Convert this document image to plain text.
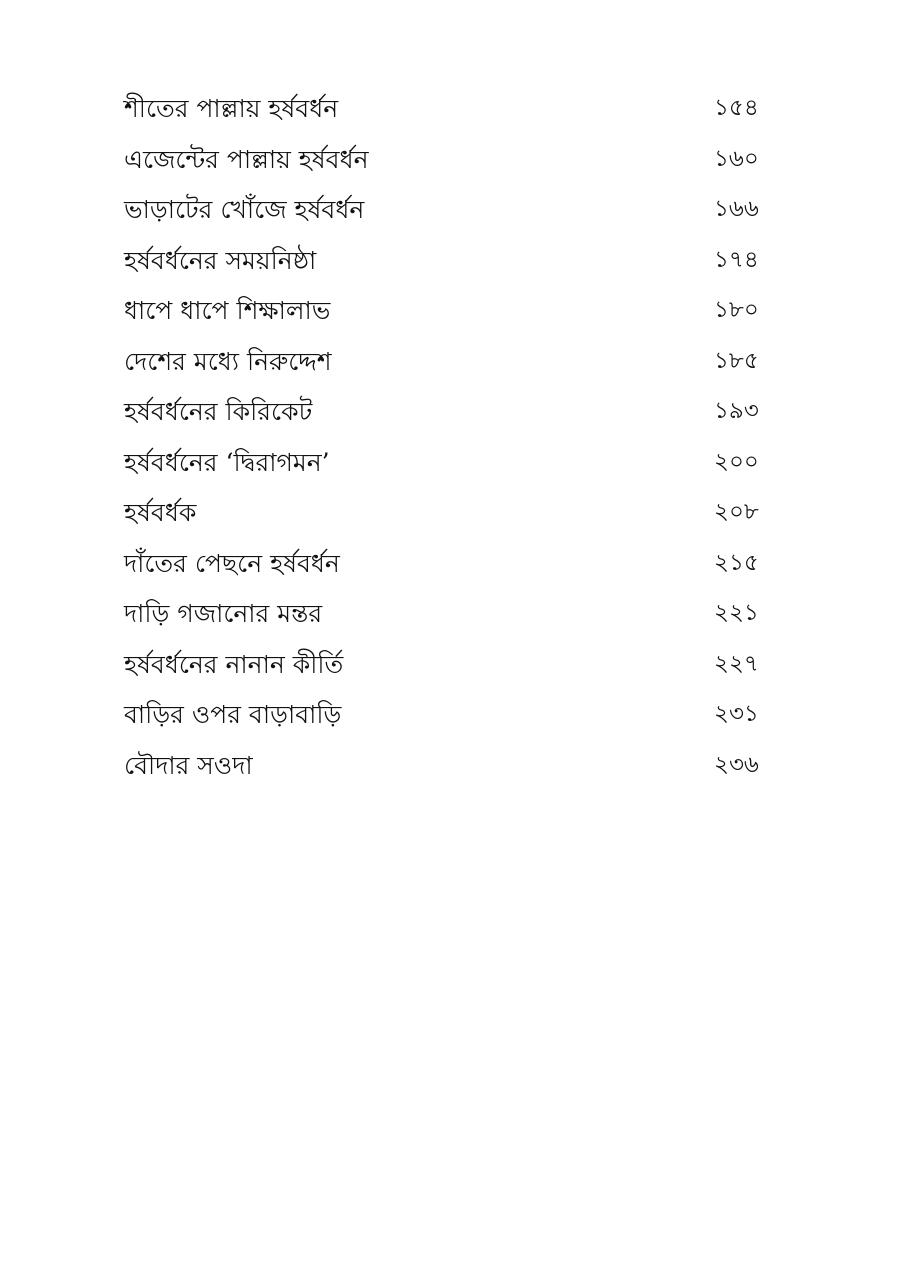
শীতের পাল্লায় হর্ষবর্ধন	১৫৪
এজেন্টের পাল্লায় হর্ষবর্ধন	১৬০
ভাড়াটের খোঁজে হর্ষবর্ধন	১৬৬
হর্ষবর্ধনের সময়নিষ্ঠা	১৭৪
ধাপে ধাপে শিক্ষালাভ	১৮০
দেশের মধ্যে নিরুদ্দেশ	১৮৫
হর্ষবর্ধনের কিরিকেট	১৯৩
হর্ষবর্ধনের ‘দ্বিরাগমন’	২০০
হর্ষবর্ধক	২০৮
দাঁতের পেছনে হর্ষবর্ধন	২১৫
দাড়ি গজানোর মন্তর	২২১
হর্ষবর্ধনের নানান কীর্তি	২২৭
বাড়ির ওপর বাড়াবাড়ি	২৩১
বৌদার সওদা	২৩৬
